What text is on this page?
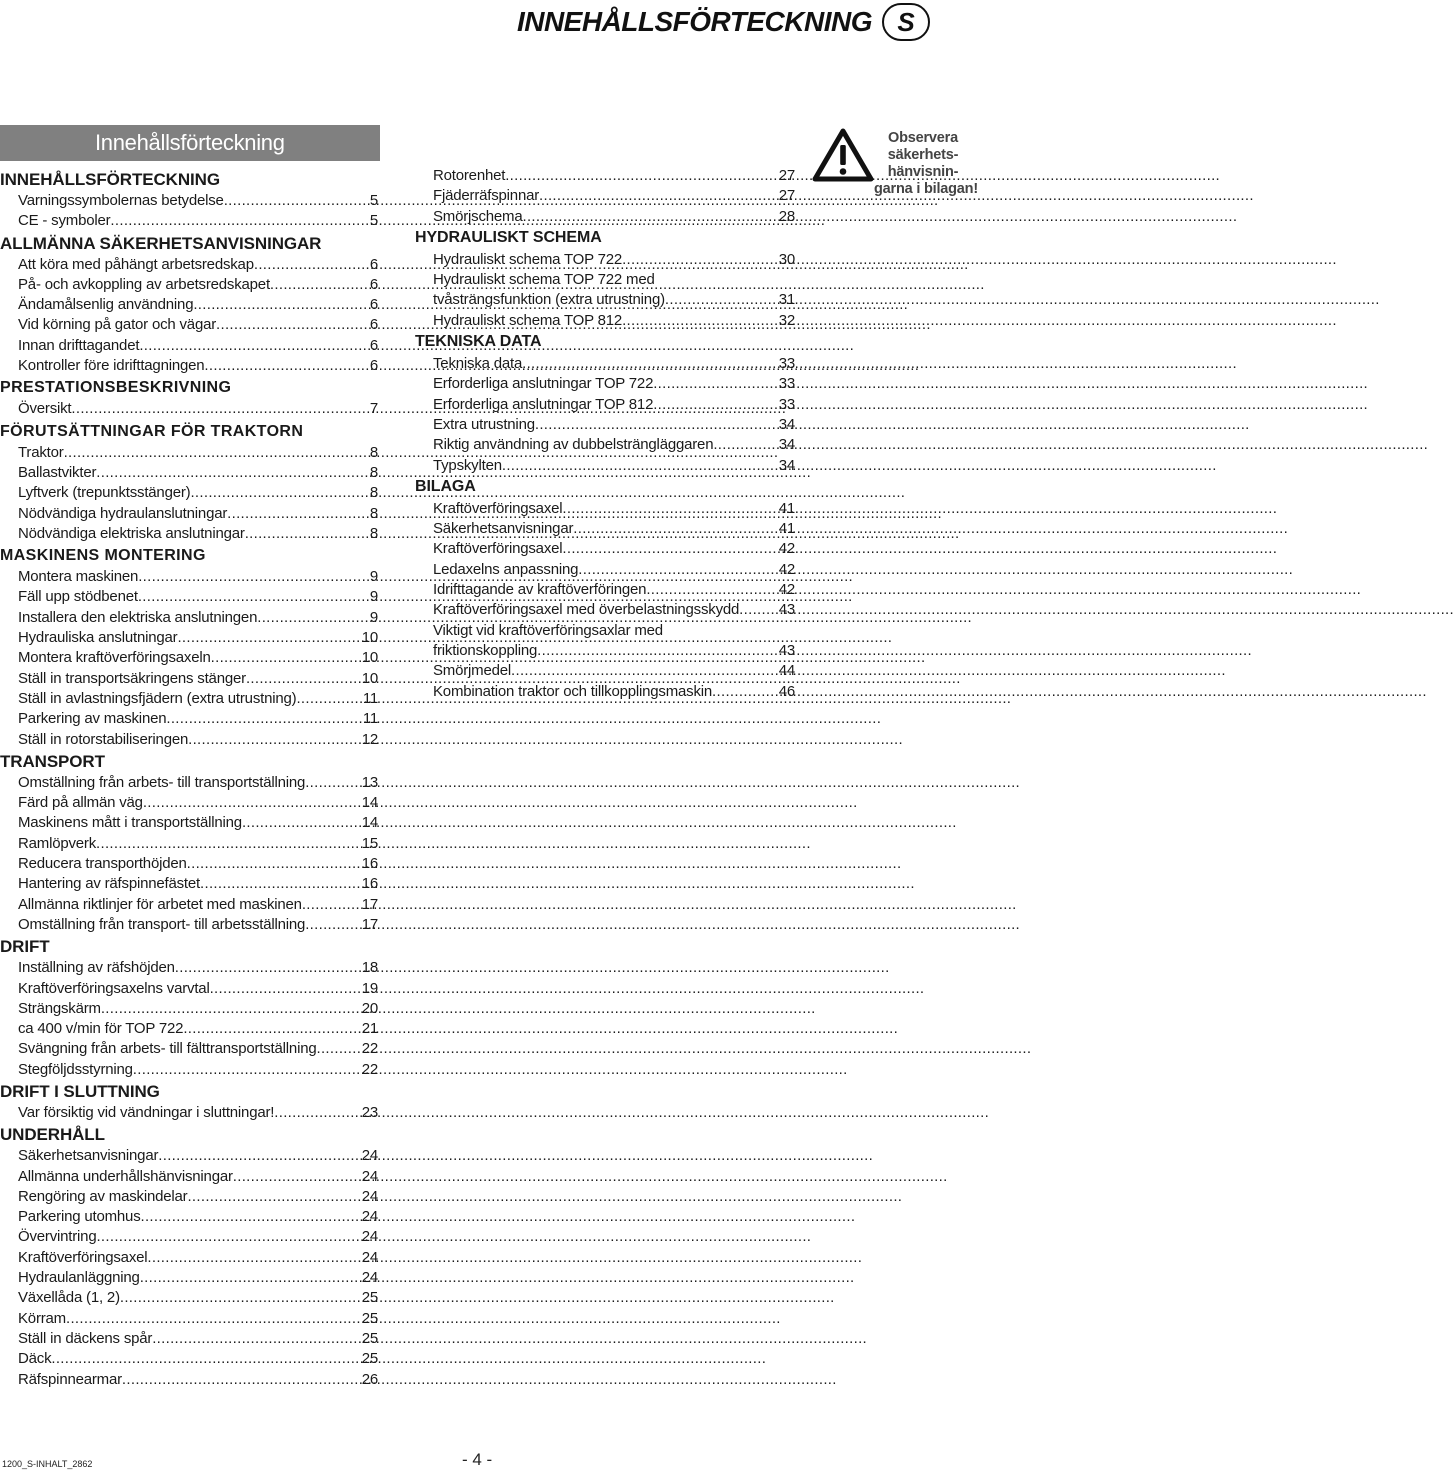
INNEHÅLLSFÖRTECKNING S
Innehållsförteckning
INNEHÅLLSFÖRTECKNING
Varningssymbolernas betydelse .....	5
CE - symboler .....	5
ALLMÄNNA SÄKERHETSANVISNINGAR
Att köra med påhängt arbetsredskap .....	6
På- och avkoppling av arbetsredskapet .....	6
Ändamålsenlig användning .....	6
Vid körning på gator och vägar .....	6
Innan drifttagandet .....	6
Kontroller före idrifttagningen .....	6
PRESTATIONSBESKRIVNING
Översikt .....	7
FÖRUTSÄTTNINGAR FÖR TRAKTORN
Traktor .....	8
Ballastvikter .....	8
Lyftverk (trepunktsstänger) .....	8
Nödvändiga hydraulanslutningar .....	8
Nödvändiga elektriska anslutningar .....	8
MASKINENS MONTERING
Montera maskinen .....	9
Fäll upp stödbenet .....	9
Installera den elektriska anslutningen .....	9
Hydrauliska anslutningar .....	10
Montera kraftöverföringsaxeln .....	10
Ställ in transportsäkringens stänger .....	10
Ställ in avlastningsfjädern (extra utrustning) .....	11
Parkering av maskinen .....	11
Ställ in rotorstabiliseringen .....	12
TRANSPORT
Omställning från arbets- till transportställning .....	13
Färd på allmän väg .....	14
Maskinens mått i transportställning .....	14
Ramlöpverk .....	15
Reducera transporthöjden .....	16
Hantering av räfspinnefästet .....	16
Allmänna riktlinjer för arbetet med maskinen .....	17
Omställning från transport- till arbetsställning .....	17
DRIFT
Inställning av räfshöjden .....	18
Kraftöverföringsaxelns varvtal .....	19
Strängskärm .....	20
ca 400 v/min för TOP 722 .....	21
Svängning från arbets- till fälttransportställning .....	22
Stegföljdsstyrning .....	22
DRIFT I SLUTTNING
Var försiktig vid vändningar i sluttningar! .....	23
UNDERHÅLL
Säkerhetsanvisningar .....	24
Allmänna underhållshänvisningar .....	24
Rengöring av maskindelar .....	24
Parkering utomhus .....	24
Övervintring .....	24
Kraftöverföringsaxel .....	24
Hydraulanläggning .....	24
Växellåda (1, 2) .....	25
Körram .....	25
Ställ in däckens spår .....	25
Däck .....	25
Räfspinnearmar .....	26
Rotorenhet .....	27
Fjäderräfspinnar .....	27
Smörjschema .....	28
HYDRAULISKT SCHEMA
Hydrauliskt schema TOP 722 .....	30
Hydrauliskt schema TOP 722 med
tvåsträngsfunktion (extra utrustning) .....	31
Hydrauliskt schema TOP 812 .....	32
TEKNISKA DATA
Tekniska data .....	33
Erforderliga anslutningar TOP 722 .....	33
Erforderliga anslutningar TOP 812 .....	33
Extra utrustning .....	34
Riktig användning av dubbelsträngläggaren .....	34
Typskylten .....	34
BILAGA
Kraftöverföringsaxel .....	41
Säkerhetsanvisningar .....	41
Kraftöverföringsaxel .....	42
Ledaxelns anpassning .....	42
Idrifttagande av kraftöverföringen .....	42
Kraftöverföringsaxel med överbelastningsskydd .....	43
Viktigt vid kraftöverföringsaxlar med
friktionskoppling .....	43
Smörjmedel .....	44
Kombination traktor och tillkopplingsmaskin .....	46
Observera
säkerhets-
hänvisnin-
garna i bilagan!
1200_S-INHALT_2862	- 4 -
